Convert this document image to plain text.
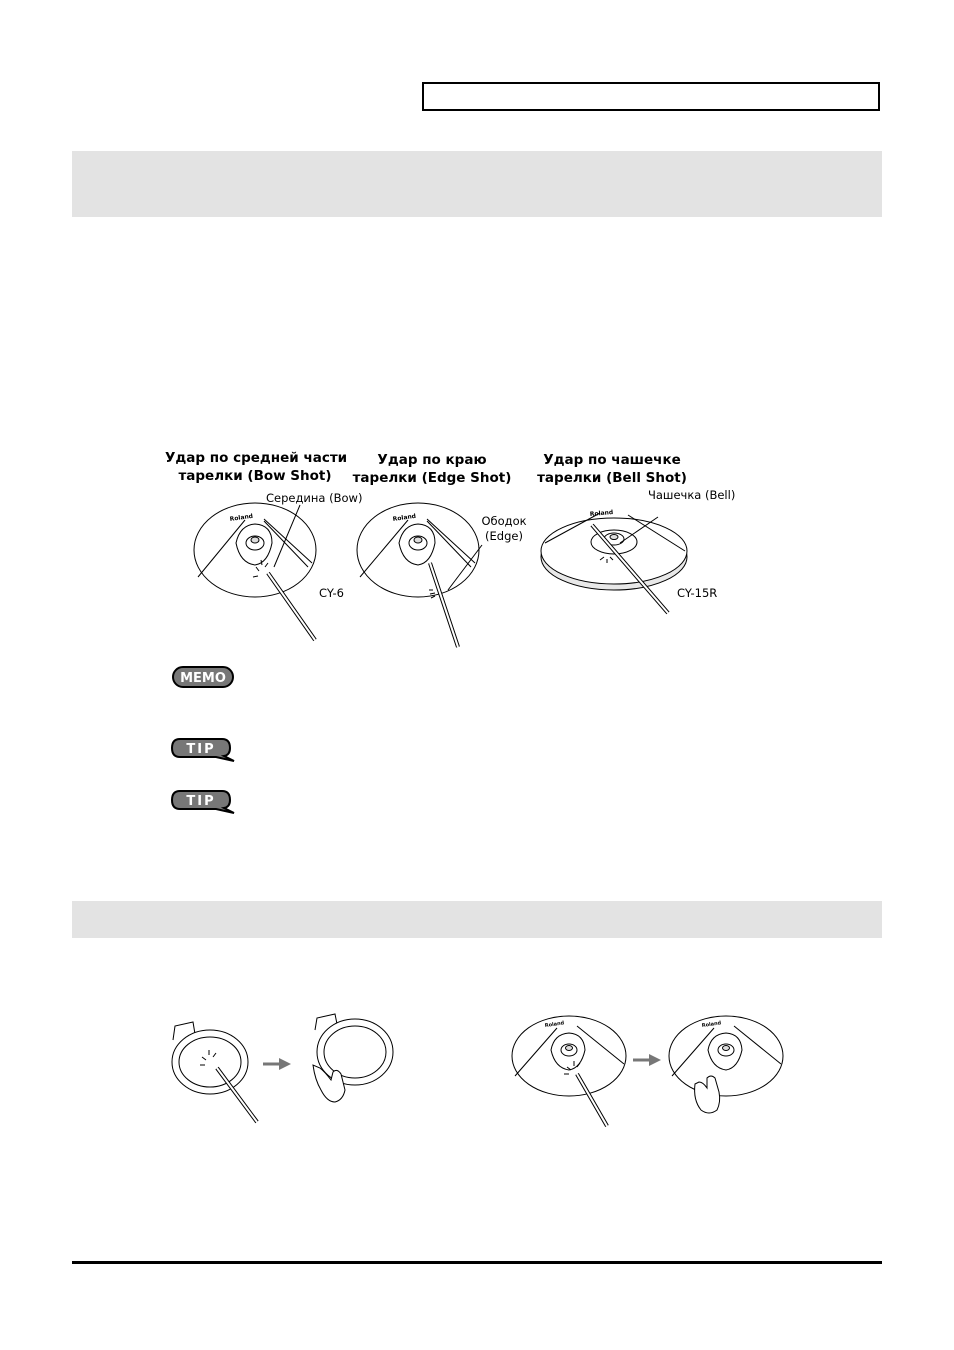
Удар по средней части
тарелки (Bow Shot)
Удар по краю
тарелки (Edge Shot)
Удар по чашечке
тарелки (Bell Shot)
Середина (Bow)
Ободок
(Edge)
Чашечка (Bell)
CY-6	CY-15R
Roland	Roland	Roland
MEMO
TIP
TIP
Roland	Roland
